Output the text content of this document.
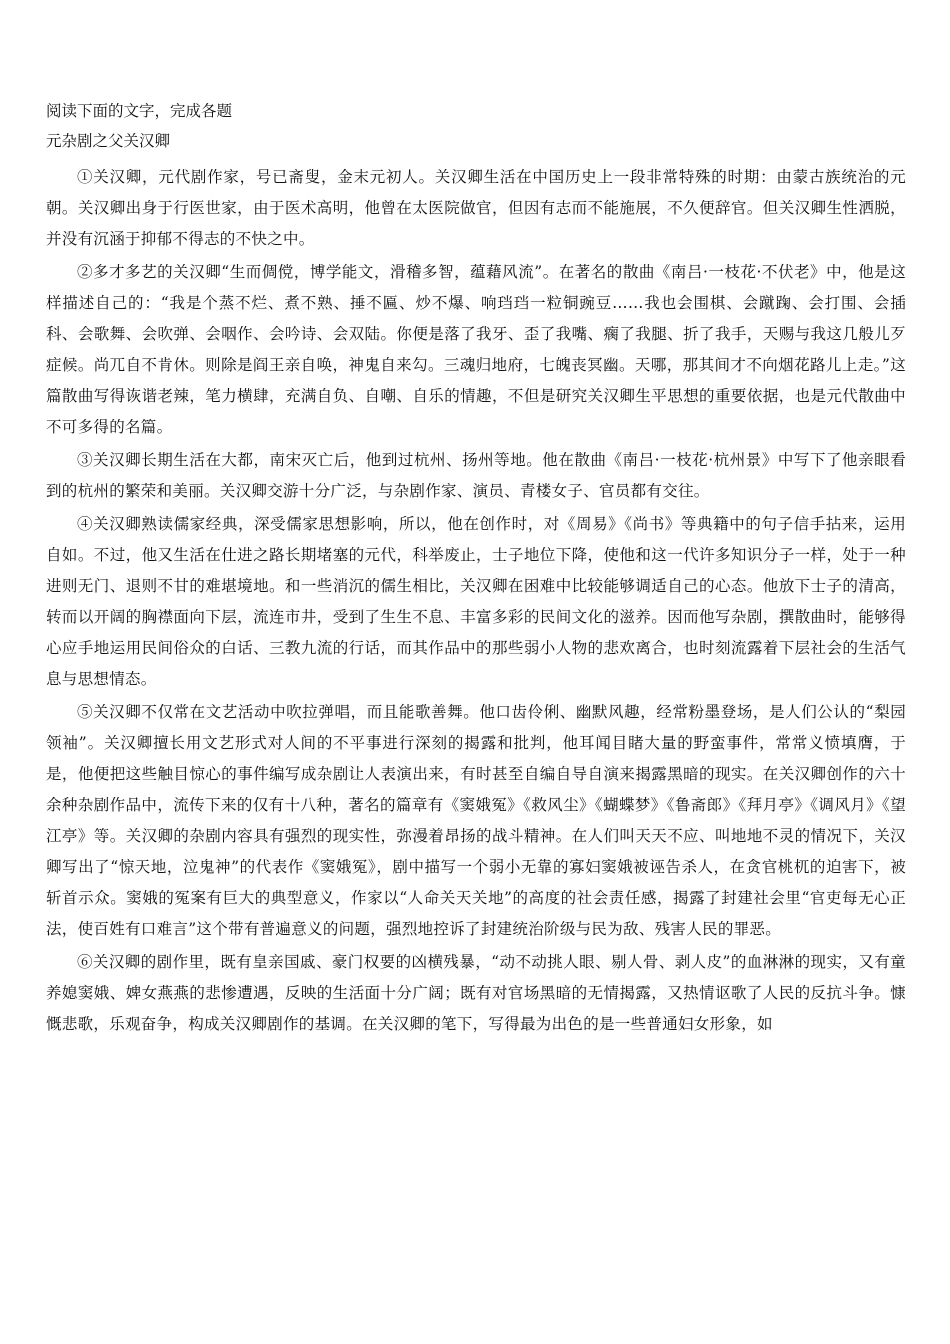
阅读下面的文字，完成各题
元杂剧之父关汉卿

①关汉卿，元代剧作家，号已斋叟，金末元初人。关汉卿生活在中国历史上一段非常特殊的时期：由蒙古族统治的元朝。关汉卿出身于行医世家，由于医术高明，他曾在太医院做官，但因有志而不能施展，不久便辞官。但关汉卿生性洒脱，并没有沉涵于抑郁不得志的不快之中。

②多才多艺的关汉卿“生而倜傥，博学能文，滑稽多智，蕴藉风流”。在著名的散曲《南吕·一枝花·不伏老》中，他是这样描述自己的：“我是个蒸不烂、煮不熟、捶不匾、炒不爆、响珰珰一粒铜豌豆……我也会围棋、会蹴踘、会打围、会插科、会歌舞、会吹弹、会咽作、会吟诗、会双陆。你便是落了我牙、歪了我嘴、瘸了我腿、折了我手，天赐与我这几般儿歹症候。尚兀自不肯休。则除是阎王亲自唤，神鬼自来勾。三魂归地府，七魄丧冥幽。天哪，那其间才不向烟花路儿上走。”这篇散曲写得诙谐老辣，笔力横肆，充满自负、自嘲、自乐的情趣，不但是研究关汉卿生平思想的重要依据，也是元代散曲中不可多得的名篇。

③关汉卿长期生活在大都，南宋灭亡后，他到过杭州、扬州等地。他在散曲《南吕·一枝花·杭州景》中写下了他亲眼看到的杭州的繁荣和美丽。关汉卿交游十分广泛，与杂剧作家、演员、青楼女子、官员都有交往。

④关汉卿熟读儒家经典，深受儒家思想影响，所以，他在创作时，对《周易》《尚书》等典籍中的句子信手拈来，运用自如。不过，他又生活在仕进之路长期堵塞的元代，科举废止，士子地位下降，使他和这一代许多知识分子一样，处于一种进则无门、退则不甘的难堪境地。和一些消沉的儒生相比，关汉卿在困难中比较能够调适自己的心态。他放下士子的清高，转而以开阔的胸襟面向下层，流连市井，受到了生生不息、丰富多彩的民间文化的滋养。因而他写杂剧，撰散曲时，能够得心应手地运用民间俗众的白话、三教九流的行话，而其作品中的那些弱小人物的悲欢离合，也时刻流露着下层社会的生活气息与思想情态。

⑤关汉卿不仅常在文艺活动中吹拉弹唱，而且能歌善舞。他口齿伶俐、幽默风趣，经常粉墨登场，是人们公认的“梨园领袖”。关汉卿擅长用文艺形式对人间的不平事进行深刻的揭露和批判，他耳闻目睹大量的野蛮事件，常常义愤填膺，于是，他便把这些触目惊心的事件编写成杂剧让人表演出来，有时甚至自编自导自演来揭露黑暗的现实。在关汉卿创作的六十余种杂剧作品中，流传下来的仅有十八种，著名的篇章有《窦娥冤》《救风尘》《蝴蝶梦》《鲁斋郎》《拜月亭》《调风月》《望江亭》等。关汉卿的杂剧内容具有强烈的现实性，弥漫着昂扬的战斗精神。在人们叫天天不应、叫地地不灵的情况下，关汉卿写出了“惊天地，泣鬼神”的代表作《窦娥冤》，剧中描写一个弱小无靠的寡妇窦娥被诬告杀人，在贪官桃杌的迫害下，被斩首示众。窦娥的冤案有巨大的典型意义，作家以“人命关天关地”的高度的社会责任感，揭露了封建社会里“官吏每无心正法，使百姓有口难言”这个带有普遍意义的问题，强烈地控诉了封建统治阶级与民为敌、残害人民的罪恶。

⑥关汉卿的剧作里，既有皇亲国戚、豪门权要的凶横残暴，“动不动挑人眼、剔人骨、剥人皮”的血淋淋的现实，又有童养媳窦娥、婢女燕燕的悲惨遭遇，反映的生活面十分广阔；既有对官场黑暗的无情揭露，又热情讴歌了人民的反抗斗争。慷慨悲歌，乐观奋争，构成关汉卿剧作的基调。在关汉卿的笔下，写得最为出色的是一些普通妇女形象，如
